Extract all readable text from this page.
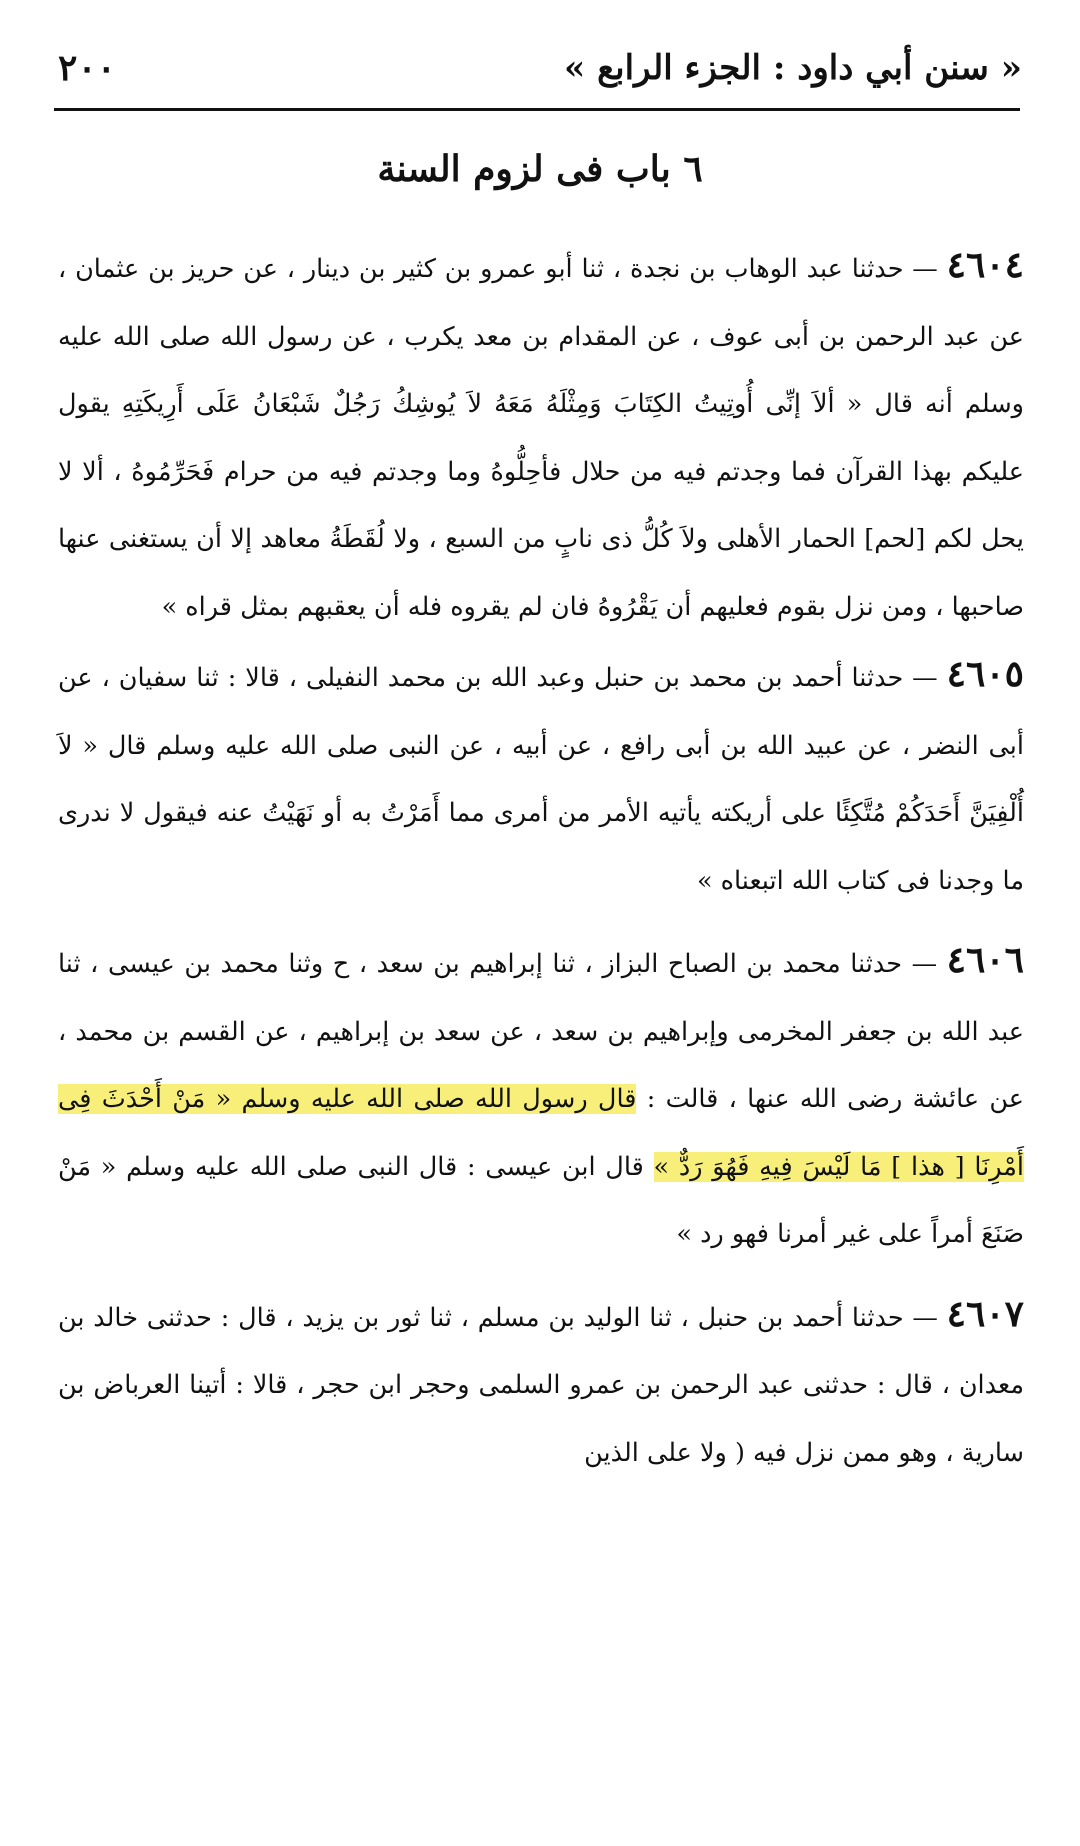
« سنن أبي داود : الجزء الرابع »
٢٠٠
٦ باب فى لزوم السنة

٤٦٠٤ — حدثنا عبد الوهاب بن نجدة ، ثنا أبو عمرو بن كثير بن دينار ، عن حريز بن عثمان ، عن عبد الرحمن بن أبى عوف ، عن المقدام بن معد يكرب ، عن رسول الله صلى الله عليه وسلم أنه قال « ألاَ إنِّى أُوتِيتُ الكِتَابَ وَمِثْلَهُ مَعَهُ لاَ يُوشِكُ رَجُلٌ شَبْعَانُ عَلَى أَرِيكَتِهِ يقول عليكم بهذا القرآن فما وجدتم فيه من حلال فأحِلُّوهُ وما وجدتم فيه من حرام فَحَرِّمُوهُ ، ألا لا يحل لكم [لحم] الحمار الأهلى ولاَ كُلُّ ذى نابٍ من السبع ، ولا لُقَطَةُ معاهد إلا أن يستغنى عنها صاحبها ، ومن نزل بقوم فعليهم أن يَقْرُوهُ فان لم يقروه فله أن يعقبهم بمثل قراه »

٤٦٠٥ — حدثنا أحمد بن محمد بن حنبل وعبد الله بن محمد النفيلى ، قالا : ثنا سفيان ، عن أبى النضر ، عن عبيد الله بن أبى رافع ، عن أبيه ، عن النبى صلى الله عليه وسلم قال « لاَ أُلْفِيَنَّ أَحَدَكُمْ مُتَّكِئًا على أريكته يأتيه الأمر من أمرى مما أَمَرْتُ به أو نَهَيْتُ عنه فيقول لا ندرى ما وجدنا فى كتاب الله اتبعناه »

٤٦٠٦ — حدثنا محمد بن الصباح البزاز ، ثنا إبراهيم بن سعد ، ح وثنا محمد بن عيسى ، ثنا عبد الله بن جعفر المخرمى وإبراهيم بن سعد ، عن سعد بن إبراهيم ، عن القسم بن محمد ، عن عائشة رضى الله عنها ، قالت : قال رسول الله صلى الله عليه وسلم « مَنْ أَحْدَثَ فِى أَمْرِنَا [ هذا ] مَا لَيْسَ فِيهِ فَهُوَ رَدٌّ » قال ابن عيسى : قال النبى صلى الله عليه وسلم « مَنْ صَنَعَ أمراً على غير أمرنا فهو رد »

٤٦٠٧ — حدثنا أحمد بن حنبل ، ثنا الوليد بن مسلم ، ثنا ثور بن يزيد ، قال : حدثنى خالد بن معدان ، قال : حدثنى عبد الرحمن بن عمرو السلمى وحجر ابن حجر ، قالا : أتينا العرباض بن سارية ، وهو ممن نزل فيه ( ولا على الذين
